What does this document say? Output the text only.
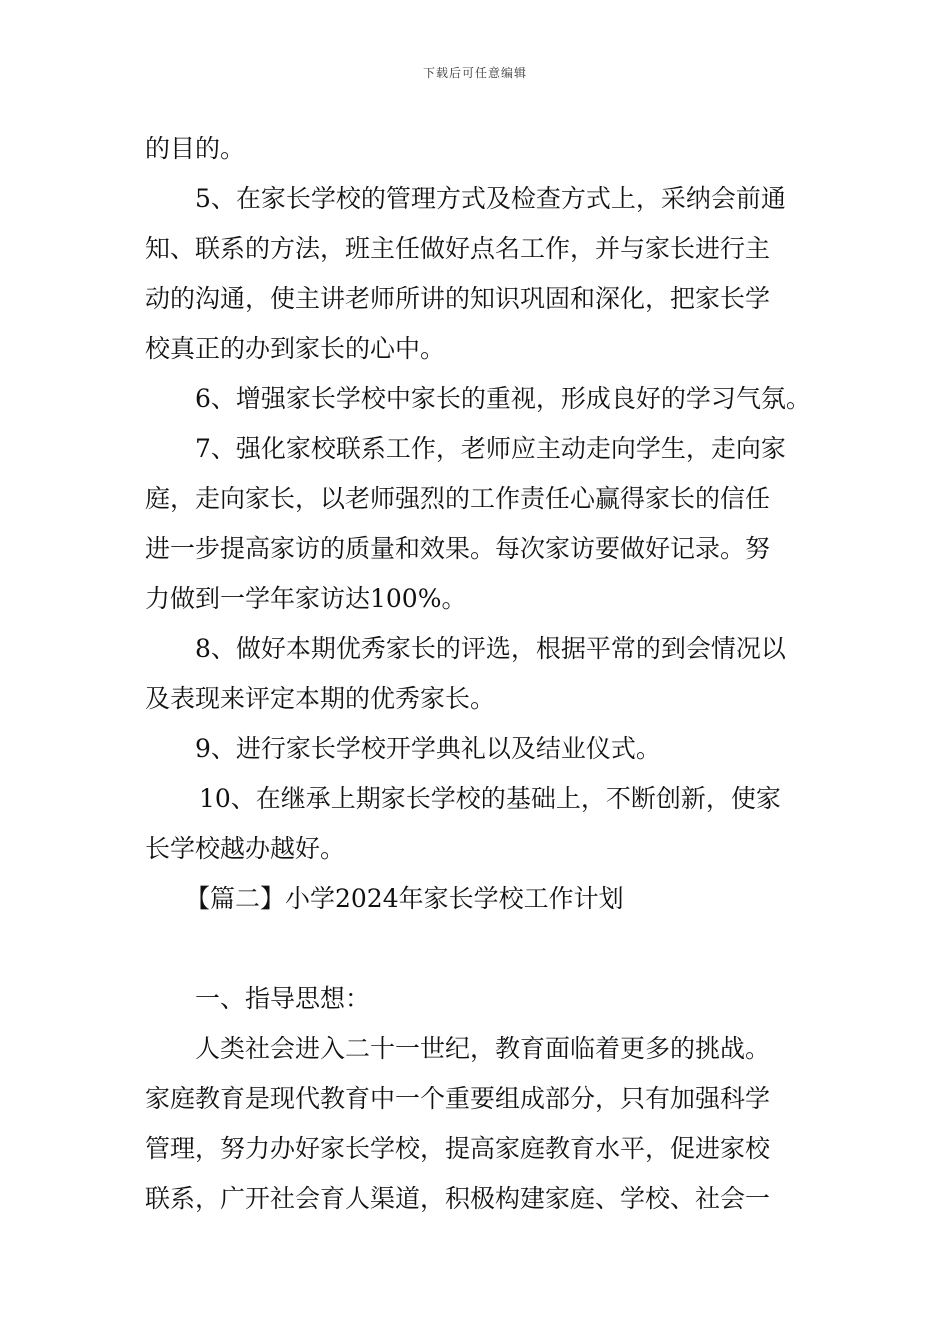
下载后可任意编辑
的目的。
5、在家长学校的管理方式及检查方式上，采纳会前通
知、联系的方法，班主任做好点名工作，并与家长进行主
动的沟通，使主讲老师所讲的知识巩固和深化，把家长学
校真正的办到家长的心中。
6、增强家长学校中家长的重视，形成良好的学习气氛。
7、强化家校联系工作，老师应主动走向学生，走向家
庭，走向家长，以老师强烈的工作责任心赢得家长的信任
进一步提高家访的质量和效果。每次家访要做好记录。努
力做到一学年家访达100%。
8、做好本期优秀家长的评选，根据平常的到会情况以
及表现来评定本期的优秀家长。
9、进行家长学校开学典礼以及结业仪式。
10、在继承上期家长学校的基础上，不断创新，使家
长学校越办越好。
【篇二】小学2024年家长学校工作计划
一、指导思想：
人类社会进入二十一世纪，教育面临着更多的挑战。
家庭教育是现代教育中一个重要组成部分，只有加强科学
管理，努力办好家长学校，提高家庭教育水平，促进家校
联系，广开社会育人渠道，积极构建家庭、学校、社会一
